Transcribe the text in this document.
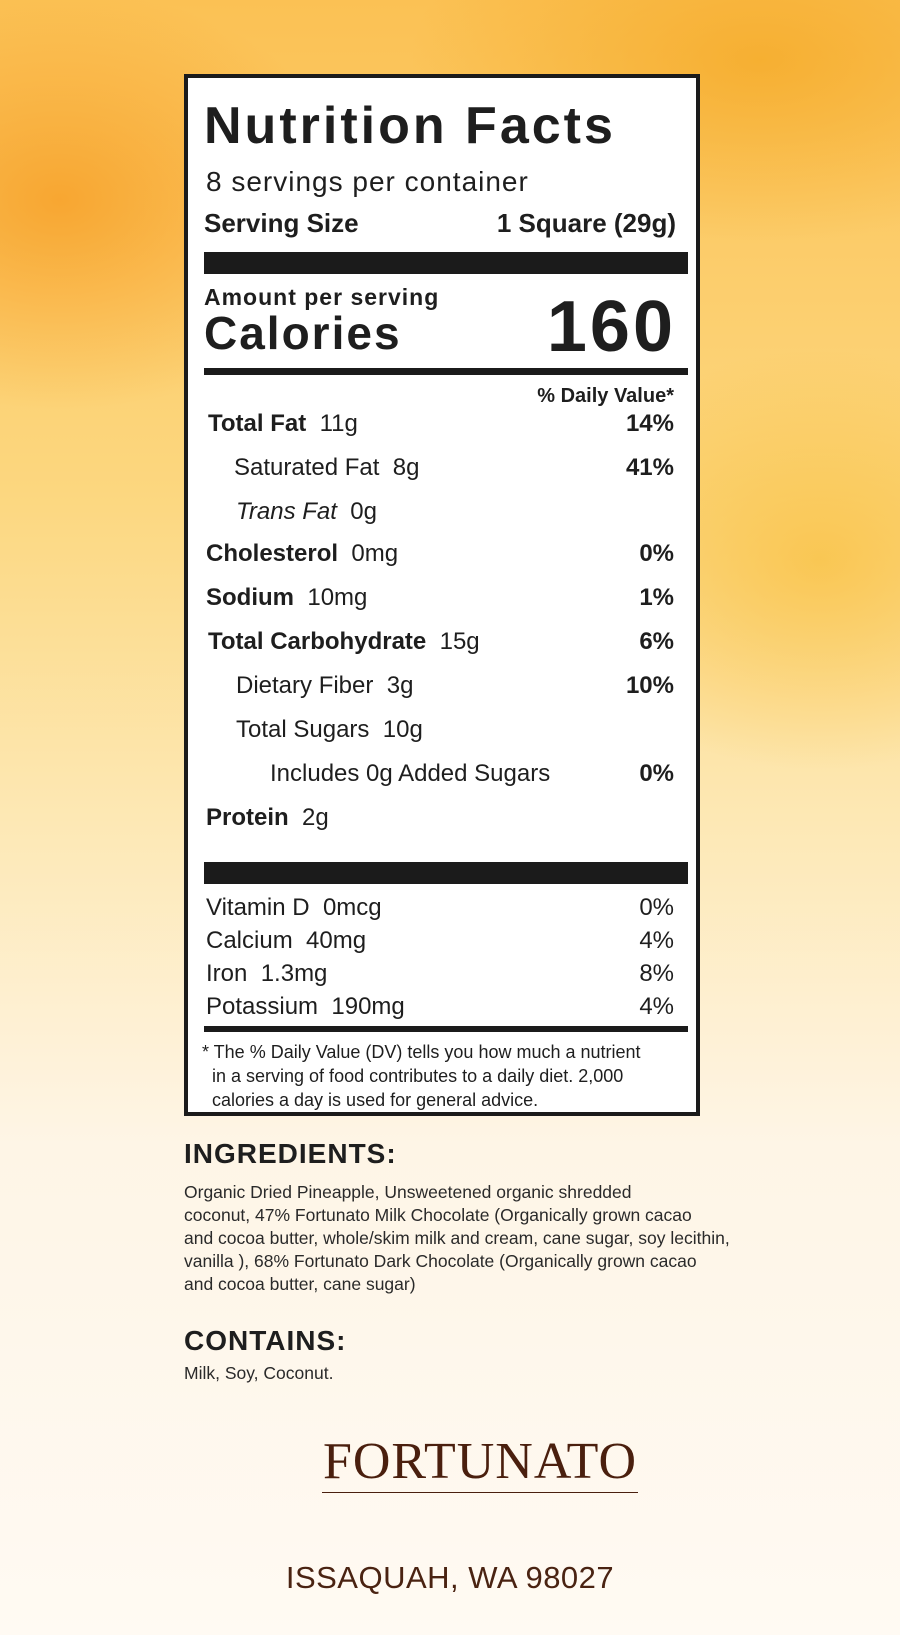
Nutrition Facts
8 servings per container
Serving Size	1 Square (29g)
Amount per serving
Calories 160
% Daily Value*
Total Fat 11g	14%
Saturated Fat 8g	41%
Trans Fat 0g
Cholesterol 0mg	0%
Sodium 10mg	1%
Total Carbohydrate 15g	6%
Dietary Fiber 3g	10%
Total Sugars 10g
Includes 0g Added Sugars	0%
Protein 2g
Vitamin D 0mcg	0%
Calcium 40mg	4%
Iron 1.3mg	8%
Potassium 190mg	4%
* The % Daily Value (DV) tells you how much a nutrient
in a serving of food contributes to a daily diet. 2,000
calories a day is used for general advice.
INGREDIENTS:
Organic Dried Pineapple, Unsweetened organic shredded
coconut, 47% Fortunato Milk Chocolate (Organically grown cacao
and cocoa butter, whole/skim milk and cream, cane sugar, soy lecithin,
vanilla ), 68% Fortunato Dark Chocolate (Organically grown cacao
and cocoa butter, cane sugar)
CONTAINS:
Milk, Soy, Coconut.
FORTUNATO
ISSAQUAH, WA 98027
